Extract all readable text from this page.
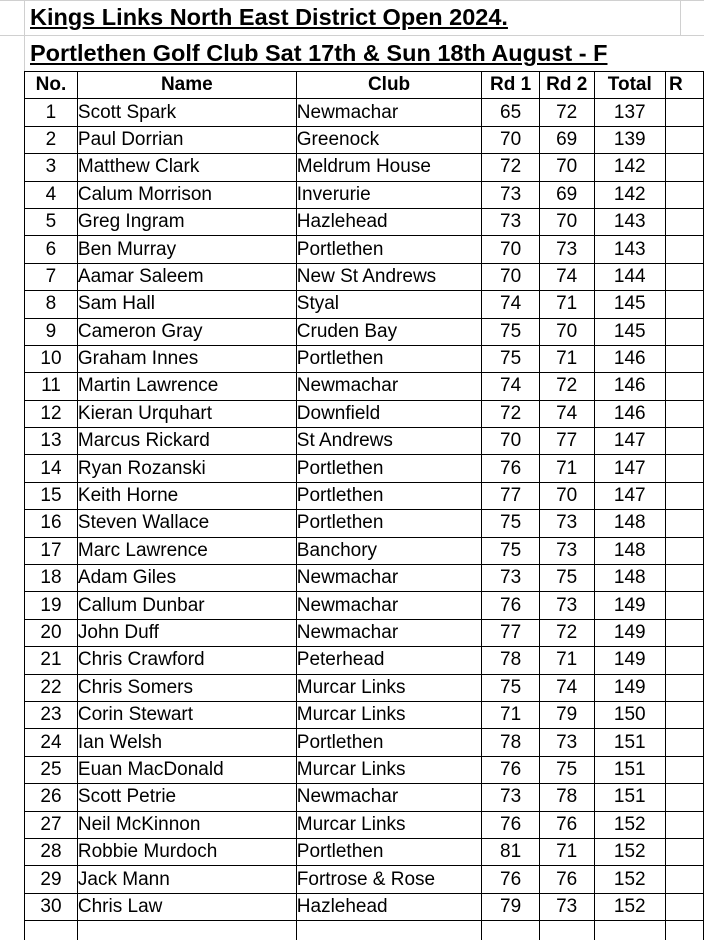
Kings Links North East District Open 2024.
Portlethen Golf Club Sat 17th & Sun 18th August - F
No.	Name	Club	Rd 1	Rd 2	Total	R
1	Scott Spark	Newmachar	65	72	137	
2	Paul Dorrian	Greenock	70	69	139	
3	Matthew Clark	Meldrum House	72	70	142	
4	Calum Morrison	Inverurie	73	69	142	
5	Greg Ingram	Hazlehead	73	70	143	
6	Ben Murray	Portlethen	70	73	143	
7	Aamar Saleem	New St Andrews	70	74	144	
8	Sam Hall	Styal	74	71	145	
9	Cameron Gray	Cruden Bay	75	70	145	
10	Graham Innes	Portlethen	75	71	146	
11	Martin Lawrence	Newmachar	74	72	146	
12	Kieran Urquhart	Downfield	72	74	146	
13	Marcus Rickard	St Andrews	70	77	147	
14	Ryan Rozanski	Portlethen	76	71	147	
15	Keith Horne	Portlethen	77	70	147	
16	Steven Wallace	Portlethen	75	73	148	
17	Marc Lawrence	Banchory	75	73	148	
18	Adam Giles	Newmachar	73	75	148	
19	Callum Dunbar	Newmachar	76	73	149	
20	John Duff	Newmachar	77	72	149	
21	Chris Crawford	Peterhead	78	71	149	
22	Chris Somers	Murcar Links	75	74	149	
23	Corin Stewart	Murcar Links	71	79	150	
24	Ian Welsh	Portlethen	78	73	151	
25	Euan MacDonald	Murcar Links	76	75	151	
26	Scott Petrie	Newmachar	73	78	151	
27	Neil McKinnon	Murcar Links	76	76	152	
28	Robbie Murdoch	Portlethen	81	71	152	
29	Jack Mann	Fortrose & Rose	76	76	152	
30	Chris Law	Hazlehead	79	73	152	
